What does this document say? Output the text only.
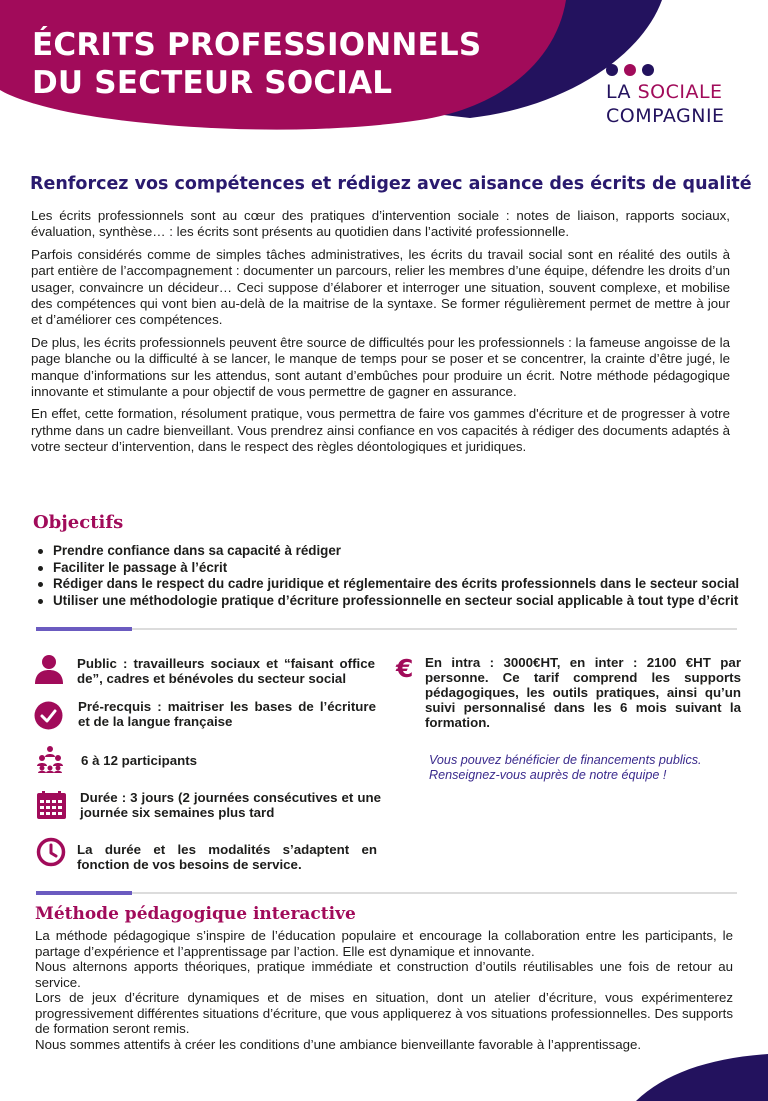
ÉCRITS PROFESSIONNELS
DU SECTEUR SOCIAL	LA SOCIALE
COMPAGNIE
Renforcez vos compétences et rédigez avec aisance des écrits de qualité

Les écrits professionnels sont au cœur des pratiques d’intervention sociale : notes de liaison, rapports sociaux, évaluation, synthèse… : les écrits sont présents au quotidien dans l’activité professionnelle.

Parfois considérés comme de simples tâches administratives, les écrits du travail social sont en réalité des outils à part entière de l’accompagnement : documenter un parcours, relier les membres d’une équipe, défendre les droits d’un usager, convaincre un décideur… Ceci suppose d’élaborer et interroger une situation, souvent complexe, et mobilise des compétences qui vont bien au-delà de la maitrise de la syntaxe. Se former régulièrement permet de mettre à jour et d’améliorer ces compétences.

De plus, les écrits professionnels peuvent être source de difficultés pour les professionnels : la fameuse angoisse de la page blanche ou la difficulté à se lancer, le manque de temps pour se poser et se concentrer, la crainte d’être jugé, le manque d’informations sur les attendus, sont autant d’embûches pour produire un écrit. Notre méthode pédagogique innovante et stimulante a pour objectif de vous permettre de gagner en assurance.

En effet, cette formation, résolument pratique, vous permettra de faire vos gammes d'écriture et de progresser à votre rythme dans un cadre bienveillant. Vous prendrez ainsi confiance en vos capacités à rédiger des documents adaptés à votre secteur d’intervention, dans le respect des règles déontologiques et juridiques.

Objectifs
Prendre confiance dans sa capacité à rédiger
Faciliter le passage à l’écrit
Rédiger dans le respect du cadre juridique et réglementaire des écrits professionnels dans le secteur social
Utiliser une méthodologie pratique d’écriture professionnelle en secteur social applicable à tout type d’écrit
Public : travailleurs sociaux et “faisant office de”, cadres et bénévoles du secteur social
Pré-recquis : maitriser les bases de l’écriture et de la langue française
6 à 12 participants
Durée : 3 jours (2 journées consécutives et une journée six semaines plus tard
La durée et les modalités s’adaptent en fonction de vos besoins de service.
€ En intra : 3000€HT, en inter : 2100 €HT par personne. Ce tarif comprend les supports pédagogiques, les outils pratiques, ainsi qu’un suivi personnalisé dans les 6 mois suivant la formation.

Vous pouvez bénéficier de financements publics.
Renseignez-vous auprès de notre équipe !

Méthode pédagogique interactive

La méthode pédagogique s’inspire de l’éducation populaire et encourage la collaboration entre les participants, le partage d’expérience et l’apprentissage par l’action. Elle est dynamique et innovante.

Nous alternons apports théoriques, pratique immédiate et construction d’outils réutilisables une fois de retour au service.

Lors de jeux d’écriture dynamiques et de mises en situation, dont un atelier d’écriture, vous expérimenterez progressivement différentes situations d’écriture, que vous appliquerez à vos situations professionnelles. Des supports de formation seront remis.

Nous sommes attentifs à créer les conditions d’une ambiance bienveillante favorable à l’apprentissage.
